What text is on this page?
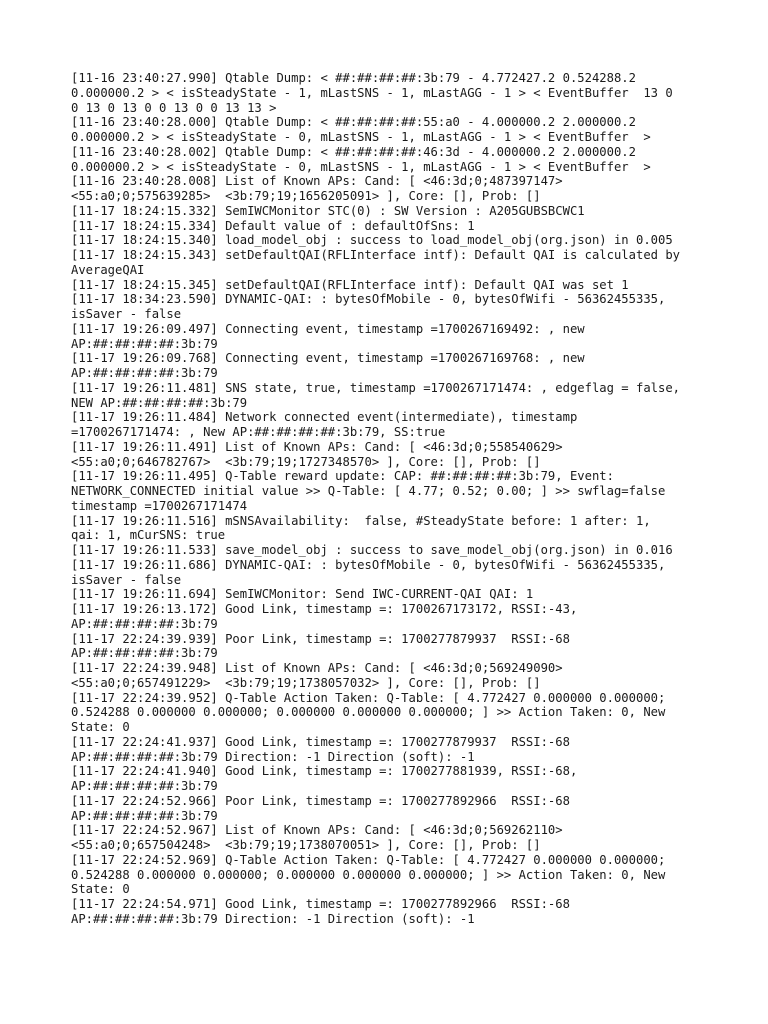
[11-16 23:40:27.990] Qtable Dump: < ##:##:##:##:3b:79 - 4.772427.2 0.524288.2
0.000000.2 > < isSteadyState - 1, mLastSNS - 1, mLastAGG - 1 > < EventBuffer  13 0
0 13 0 13 0 0 13 0 0 13 13 >
[11-16 23:40:28.000] Qtable Dump: < ##:##:##:##:55:a0 - 4.000000.2 2.000000.2
0.000000.2 > < isSteadyState - 0, mLastSNS - 1, mLastAGG - 1 > < EventBuffer  >
[11-16 23:40:28.002] Qtable Dump: < ##:##:##:##:46:3d - 4.000000.2 2.000000.2
0.000000.2 > < isSteadyState - 0, mLastSNS - 1, mLastAGG - 1 > < EventBuffer  >
[11-16 23:40:28.008] List of Known APs: Cand: [ <46:3d;0;487397147>
<55:a0;0;575639285>  <3b:79;19;1656205091> ], Core: [], Prob: []
[11-17 18:24:15.332] SemIWCMonitor STC(0) : SW Version : A205GUBSBCWC1
[11-17 18:24:15.334] Default value of : defaultOfSns: 1
[11-17 18:24:15.340] load_model_obj : success to load_model_obj(org.json) in 0.005
[11-17 18:24:15.343] setDefaultQAI(RFLInterface intf): Default QAI is calculated by
AverageQAI
[11-17 18:24:15.345] setDefaultQAI(RFLInterface intf): Default QAI was set 1
[11-17 18:34:23.590] DYNAMIC-QAI: : bytesOfMobile - 0, bytesOfWifi - 56362455335,
isSaver - false
[11-17 19:26:09.497] Connecting event, timestamp =1700267169492: , new
AP:##:##:##:##:3b:79
[11-17 19:26:09.768] Connecting event, timestamp =1700267169768: , new
AP:##:##:##:##:3b:79
[11-17 19:26:11.481] SNS state, true, timestamp =1700267171474: , edgeflag = false,
NEW AP:##:##:##:##:3b:79
[11-17 19:26:11.484] Network connected event(intermediate), timestamp
=1700267171474: , New AP:##:##:##:##:3b:79, SS:true
[11-17 19:26:11.491] List of Known APs: Cand: [ <46:3d;0;558540629>
<55:a0;0;646782767>  <3b:79;19;1727348570> ], Core: [], Prob: []
[11-17 19:26:11.495] Q-Table reward update: CAP: ##:##:##:##:3b:79, Event:
NETWORK_CONNECTED initial value >> Q-Table: [ 4.77; 0.52; 0.00; ] >> swflag=false
timestamp =1700267171474
[11-17 19:26:11.516] mSNSAvailability:  false, #SteadyState before: 1 after: 1,
qai: 1, mCurSNS: true
[11-17 19:26:11.533] save_model_obj : success to save_model_obj(org.json) in 0.016
[11-17 19:26:11.686] DYNAMIC-QAI: : bytesOfMobile - 0, bytesOfWifi - 56362455335,
isSaver - false
[11-17 19:26:11.694] SemIWCMonitor: Send IWC-CURRENT-QAI QAI: 1
[11-17 19:26:13.172] Good Link, timestamp =: 1700267173172, RSSI:-43,
AP:##:##:##:##:3b:79
[11-17 22:24:39.939] Poor Link, timestamp =: 1700277879937  RSSI:-68
AP:##:##:##:##:3b:79
[11-17 22:24:39.948] List of Known APs: Cand: [ <46:3d;0;569249090>
<55:a0;0;657491229>  <3b:79;19;1738057032> ], Core: [], Prob: []
[11-17 22:24:39.952] Q-Table Action Taken: Q-Table: [ 4.772427 0.000000 0.000000;
0.524288 0.000000 0.000000; 0.000000 0.000000 0.000000; ] >> Action Taken: 0, New
State: 0
[11-17 22:24:41.937] Good Link, timestamp =: 1700277879937  RSSI:-68
AP:##:##:##:##:3b:79 Direction: -1 Direction (soft): -1
[11-17 22:24:41.940] Good Link, timestamp =: 1700277881939, RSSI:-68,
AP:##:##:##:##:3b:79
[11-17 22:24:52.966] Poor Link, timestamp =: 1700277892966  RSSI:-68
AP:##:##:##:##:3b:79
[11-17 22:24:52.967] List of Known APs: Cand: [ <46:3d;0;569262110>
<55:a0;0;657504248>  <3b:79;19;1738070051> ], Core: [], Prob: []
[11-17 22:24:52.969] Q-Table Action Taken: Q-Table: [ 4.772427 0.000000 0.000000;
0.524288 0.000000 0.000000; 0.000000 0.000000 0.000000; ] >> Action Taken: 0, New
State: 0
[11-17 22:24:54.971] Good Link, timestamp =: 1700277892966  RSSI:-68
AP:##:##:##:##:3b:79 Direction: -1 Direction (soft): -1
